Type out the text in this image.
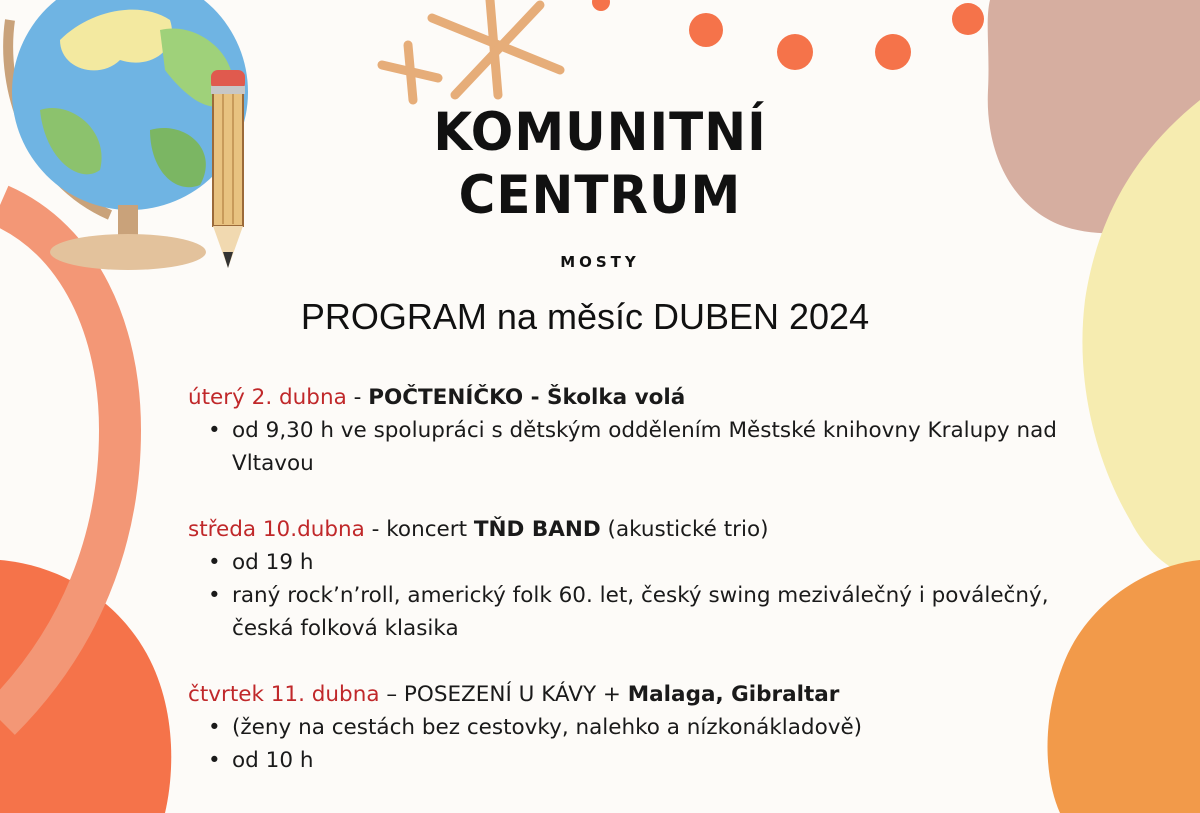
KOMUNITNÍ
CENTRUM
MOSTY
PROGRAM na měsíc DUBEN 2024
úterý 2. dubna - POČTENÍČKO - Školka volá
• od 9,30 h ve spolupráci s dětským oddělením Městské knihovny Kralupy nad Vltavou
středa 10.dubna - koncert TŇD BAND (akustické trio)
• od 19 h
• raný rock’n’roll, americký folk 60. let, český swing meziválečný i poválečný, česká folková klasika
čtvrtek 11. dubna – POSEZENÍ U KÁVY + Malaga, Gibraltar
• (ženy na cestách bez cestovky, nalehko a nízkonákladově)
• od 10 h
